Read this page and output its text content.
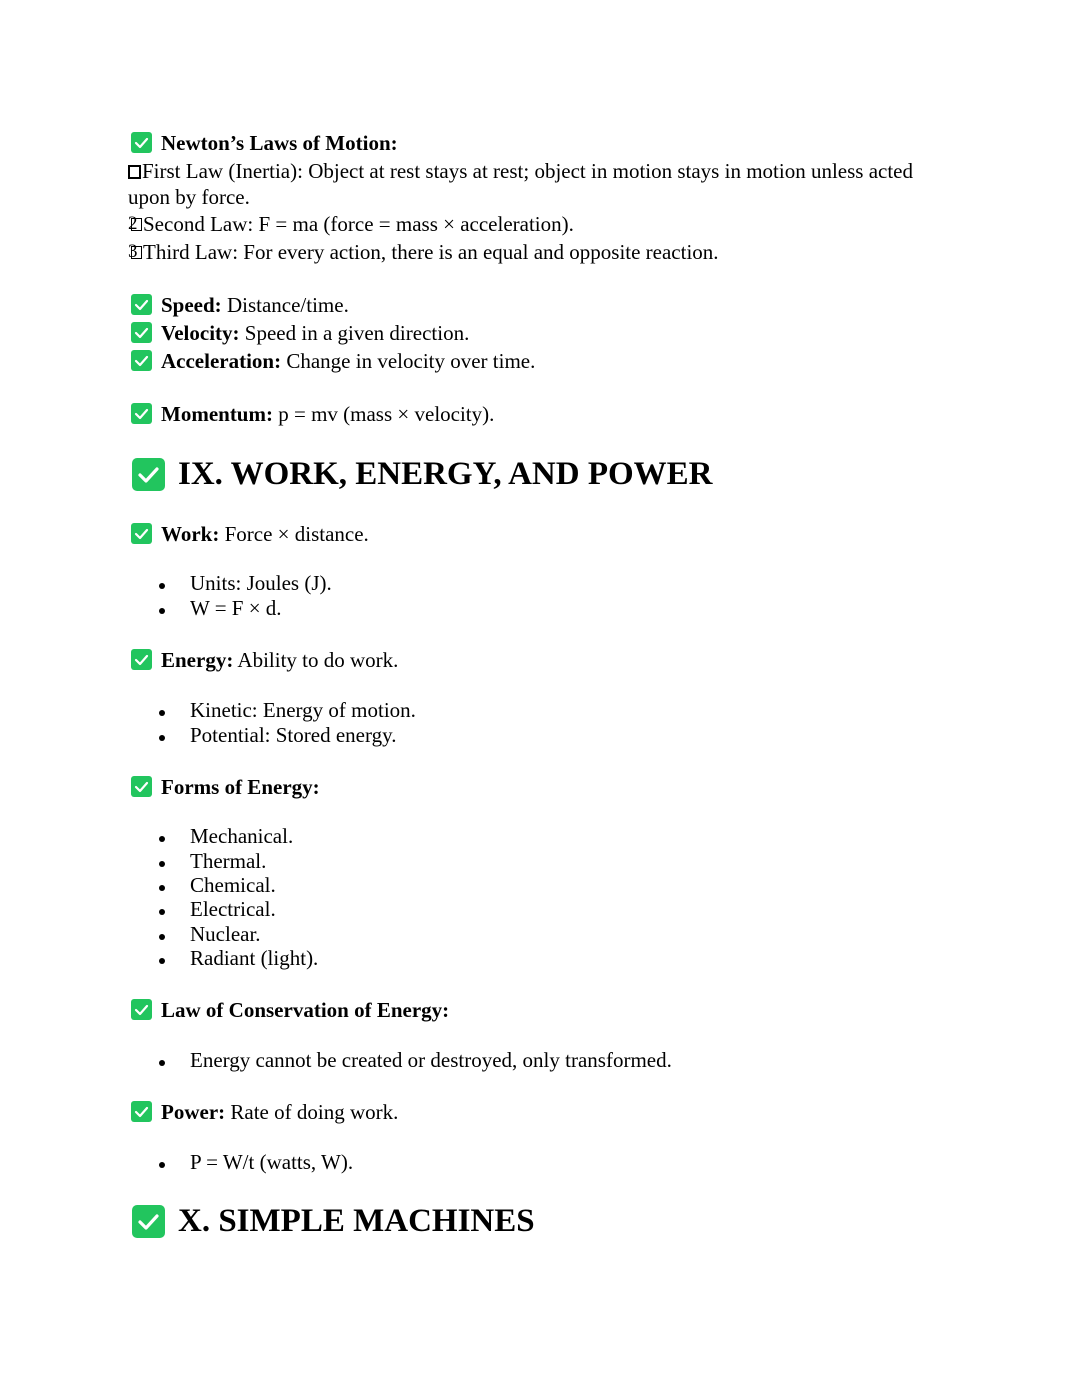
Newton’s Laws of Motion:
First Law (Inertia): Object at rest stays at rest; object in motion stays in motion unless acted
upon by force.
2 Second Law: F = ma (force = mass × acceleration).
3 Third Law: For every action, there is an equal and opposite reaction.
Speed: Distance/time.
Velocity: Speed in a given direction.
Acceleration: Change in velocity over time.
Momentum: p = mv (mass × velocity).
IX. WORK, ENERGY, AND POWER
Work: Force × distance.
Units: Joules (J).
W = F × d.
Energy: Ability to do work.
Kinetic: Energy of motion.
Potential: Stored energy.
Forms of Energy:
Mechanical.
Thermal.
Chemical.
Electrical.
Nuclear.
Radiant (light).
Law of Conservation of Energy:
Energy cannot be created or destroyed, only transformed.
Power: Rate of doing work.
P = W/t (watts, W).
X. SIMPLE MACHINES
